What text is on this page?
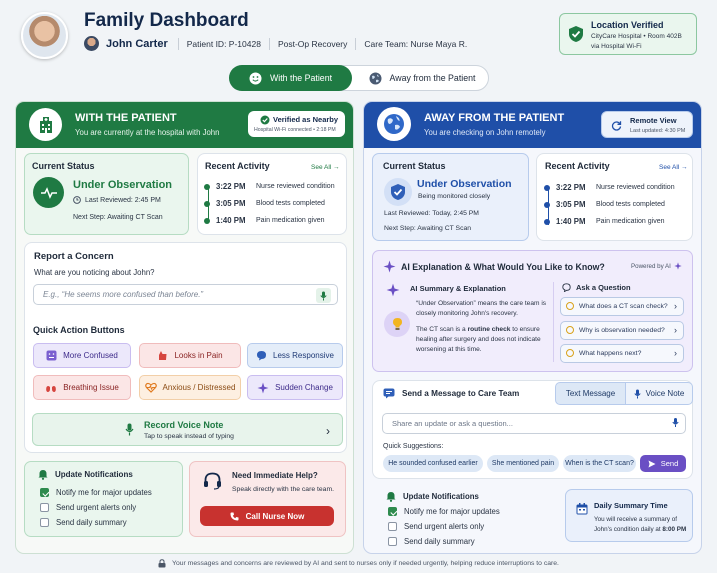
Family Dashboard
John Carter Patient ID: P-10428 Post-Op Recovery Care Team: Nurse Maya R.
Location Verified
CityCare Hospital • Room 402B
via Hospital Wi-Fi
With the Patient	Away from the Patient
WITH THE PATIENT
You are currently at the hospital with John
Verified as Nearby
Hospital Wi-Fi connected • 2:18 PM
Current Status
Under Observation
Last Reviewed: 2:45 PM
Next Step: Awaiting CT Scan
Recent Activity	See All →
3:22 PM	Nurse reviewed condition
3:05 PM	Blood tests completed
1:40 PM	Pain medication given
Report a Concern
What are you noticing about John?
E.g., “He seems more confused than before.”
Quick Action Buttons
More Confused	Looks in Pain	Less Responsive
Breathing Issue	Anxious / Distressed	Sudden Change
Record Voice Note
Tap to speak instead of typing	›
Update Notifications
Notify me for major updates
Send urgent alerts only
Send daily summary
Need Immediate Help?
Speak directly with the care team.
Call Nurse Now
AWAY FROM THE PATIENT
You are checking on John remotely
Remote View
Last updated: 4:30 PM
Current Status
Under Observation
Being monitored closely
Last Reviewed: Today, 2:45 PM
Next Step: Awaiting CT Scan
Recent Activity	See All →
3:22 PM	Nurse reviewed condition
3:05 PM	Blood tests completed
1:40 PM	Pain medication given
AI Explanation & What Would You Like to Know?	Powered by AI
AI Summary & Explanation
“Under Observation” means the care team is closely monitoring John's recovery.
The CT scan is a routine check to ensure healing after surgery and does not indicate worsening at this time.
Ask a Question
What does a CT scan check? ›
Why is observation needed? ›
What happens next?	›
Send a Message to Care Team	Text Message	Voice Note
Share an update or ask a question...
Quick Suggestions:
He sounded confused earlier	She mentioned pain	When is the CT scan?	Send
Update Notifications
Notify me for major updates
Send urgent alerts only
Send daily summary
Daily Summary Time
You will receive a summary of
John's condition daily at 8:00 PM
Your messages and concerns are reviewed by AI and sent to nurses only if needed urgently, helping reduce interruptions to care.
